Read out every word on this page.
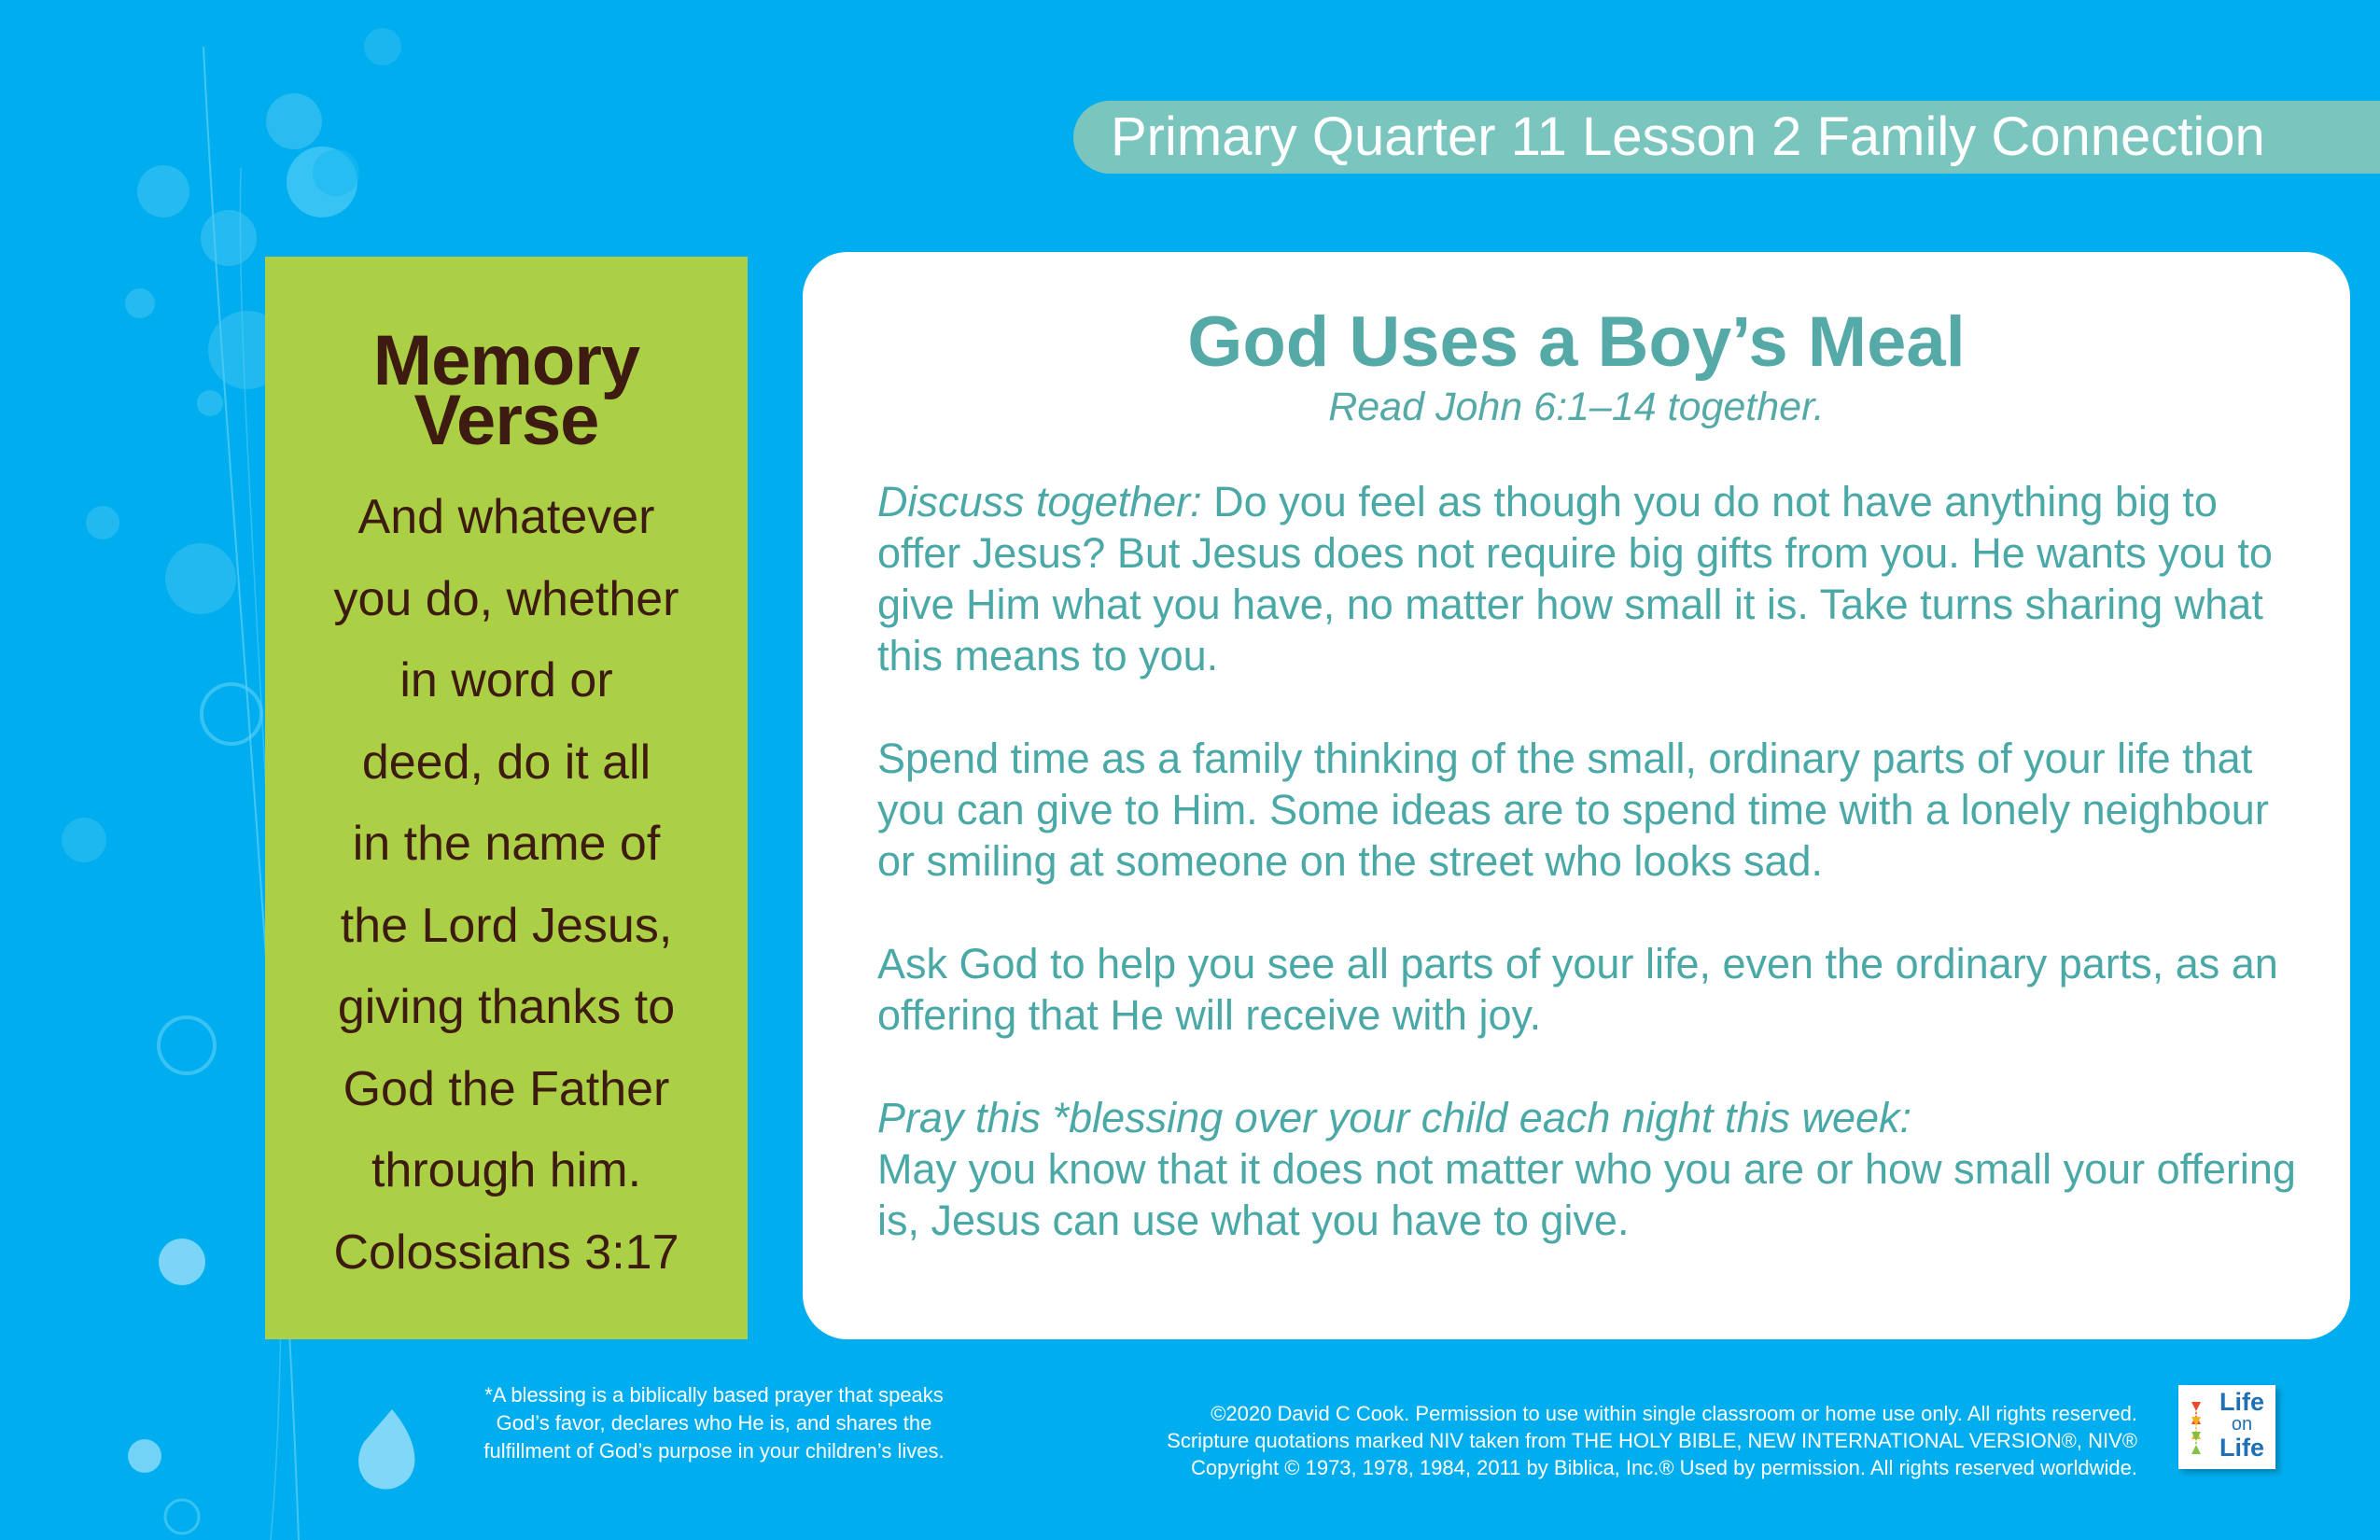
Primary Quarter 11 Lesson 2 Family Connection
Memory
Verse
And whatever
you do, whether
in word or
deed, do it all
in the name of
the Lord Jesus,
giving thanks to
God the Father
through him.
Colossians 3:17
God Uses a Boy’s Meal
Read John 6:1–14 together.

Discuss together: Do you feel as though you do not have anything big to offer Jesus? But Jesus does not require big gifts from you. He wants you to give Him what you have, no matter how small it is. Take turns sharing what this means to you.

Spend time as a family thinking of the small, ordinary parts of your life that you can give to Him. Some ideas are to spend time with a lonely neighbour or smiling at someone on the street who looks sad.

Ask God to help you see all parts of your life, even the ordinary parts, as an offering that He will receive with joy.

Pray this *blessing over your child each night this week:
May you know that it does not matter who you are or how small your offering is, Jesus can use what you have to give.

*A blessing is a biblically based prayer that speaks
God’s favor, declares who He is, and shares the
fulfillment of God’s purpose in your children’s lives.
©2020 David C Cook. Permission to use within single classroom or home use only. All rights reserved.
Scripture quotations marked NIV taken from THE HOLY BIBLE, NEW INTERNATIONAL VERSION®, NIV®
Copyright © 1973, 1978, 1984, 2011 by Biblica, Inc.® Used by permission. All rights reserved worldwide.
Life
on
Life
